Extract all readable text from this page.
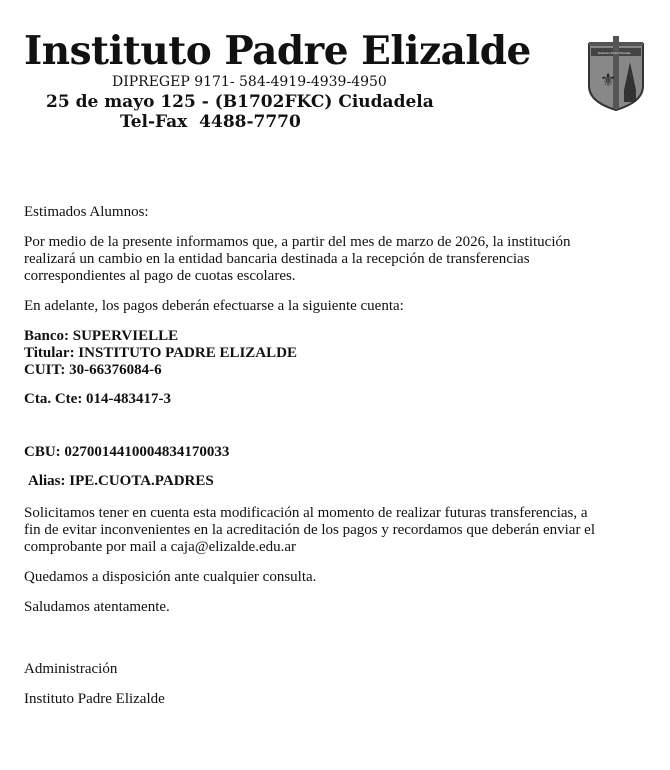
Instituto Padre Elizalde
DIPREGEP 9171- 584-4919-4939-4950
25 de mayo 125 - (B1702FKC) Ciudadela
Tel-Fax  4488-7770
Instituto Padre Elizalde
⚜

Estimados Alumnos:

Por medio de la presente informamos que, a partir del mes de marzo de 2026, la institución realizará un cambio en la entidad bancaria destinada a la recepción de transferencias correspondientes al pago de cuotas escolares.

En adelante, los pagos deberán efectuarse a la siguiente cuenta:

Banco: SUPERVIELLE
Titular: INSTITUTO PADRE ELIZALDE
CUIT: 30-66376084-6

Cta. Cte: 014-483417-3

CBU: 0270014410004834170033

Alias: IPE.CUOTA.PADRES

Solicitamos tener en cuenta esta modificación al momento de realizar futuras transferencias, a fin de evitar inconvenientes en la acreditación de los pagos y recordamos que deberán enviar el comprobante por mail a caja@elizalde.edu.ar

Quedamos a disposición ante cualquier consulta.

Saludamos atentamente.

Administración

Instituto Padre Elizalde
